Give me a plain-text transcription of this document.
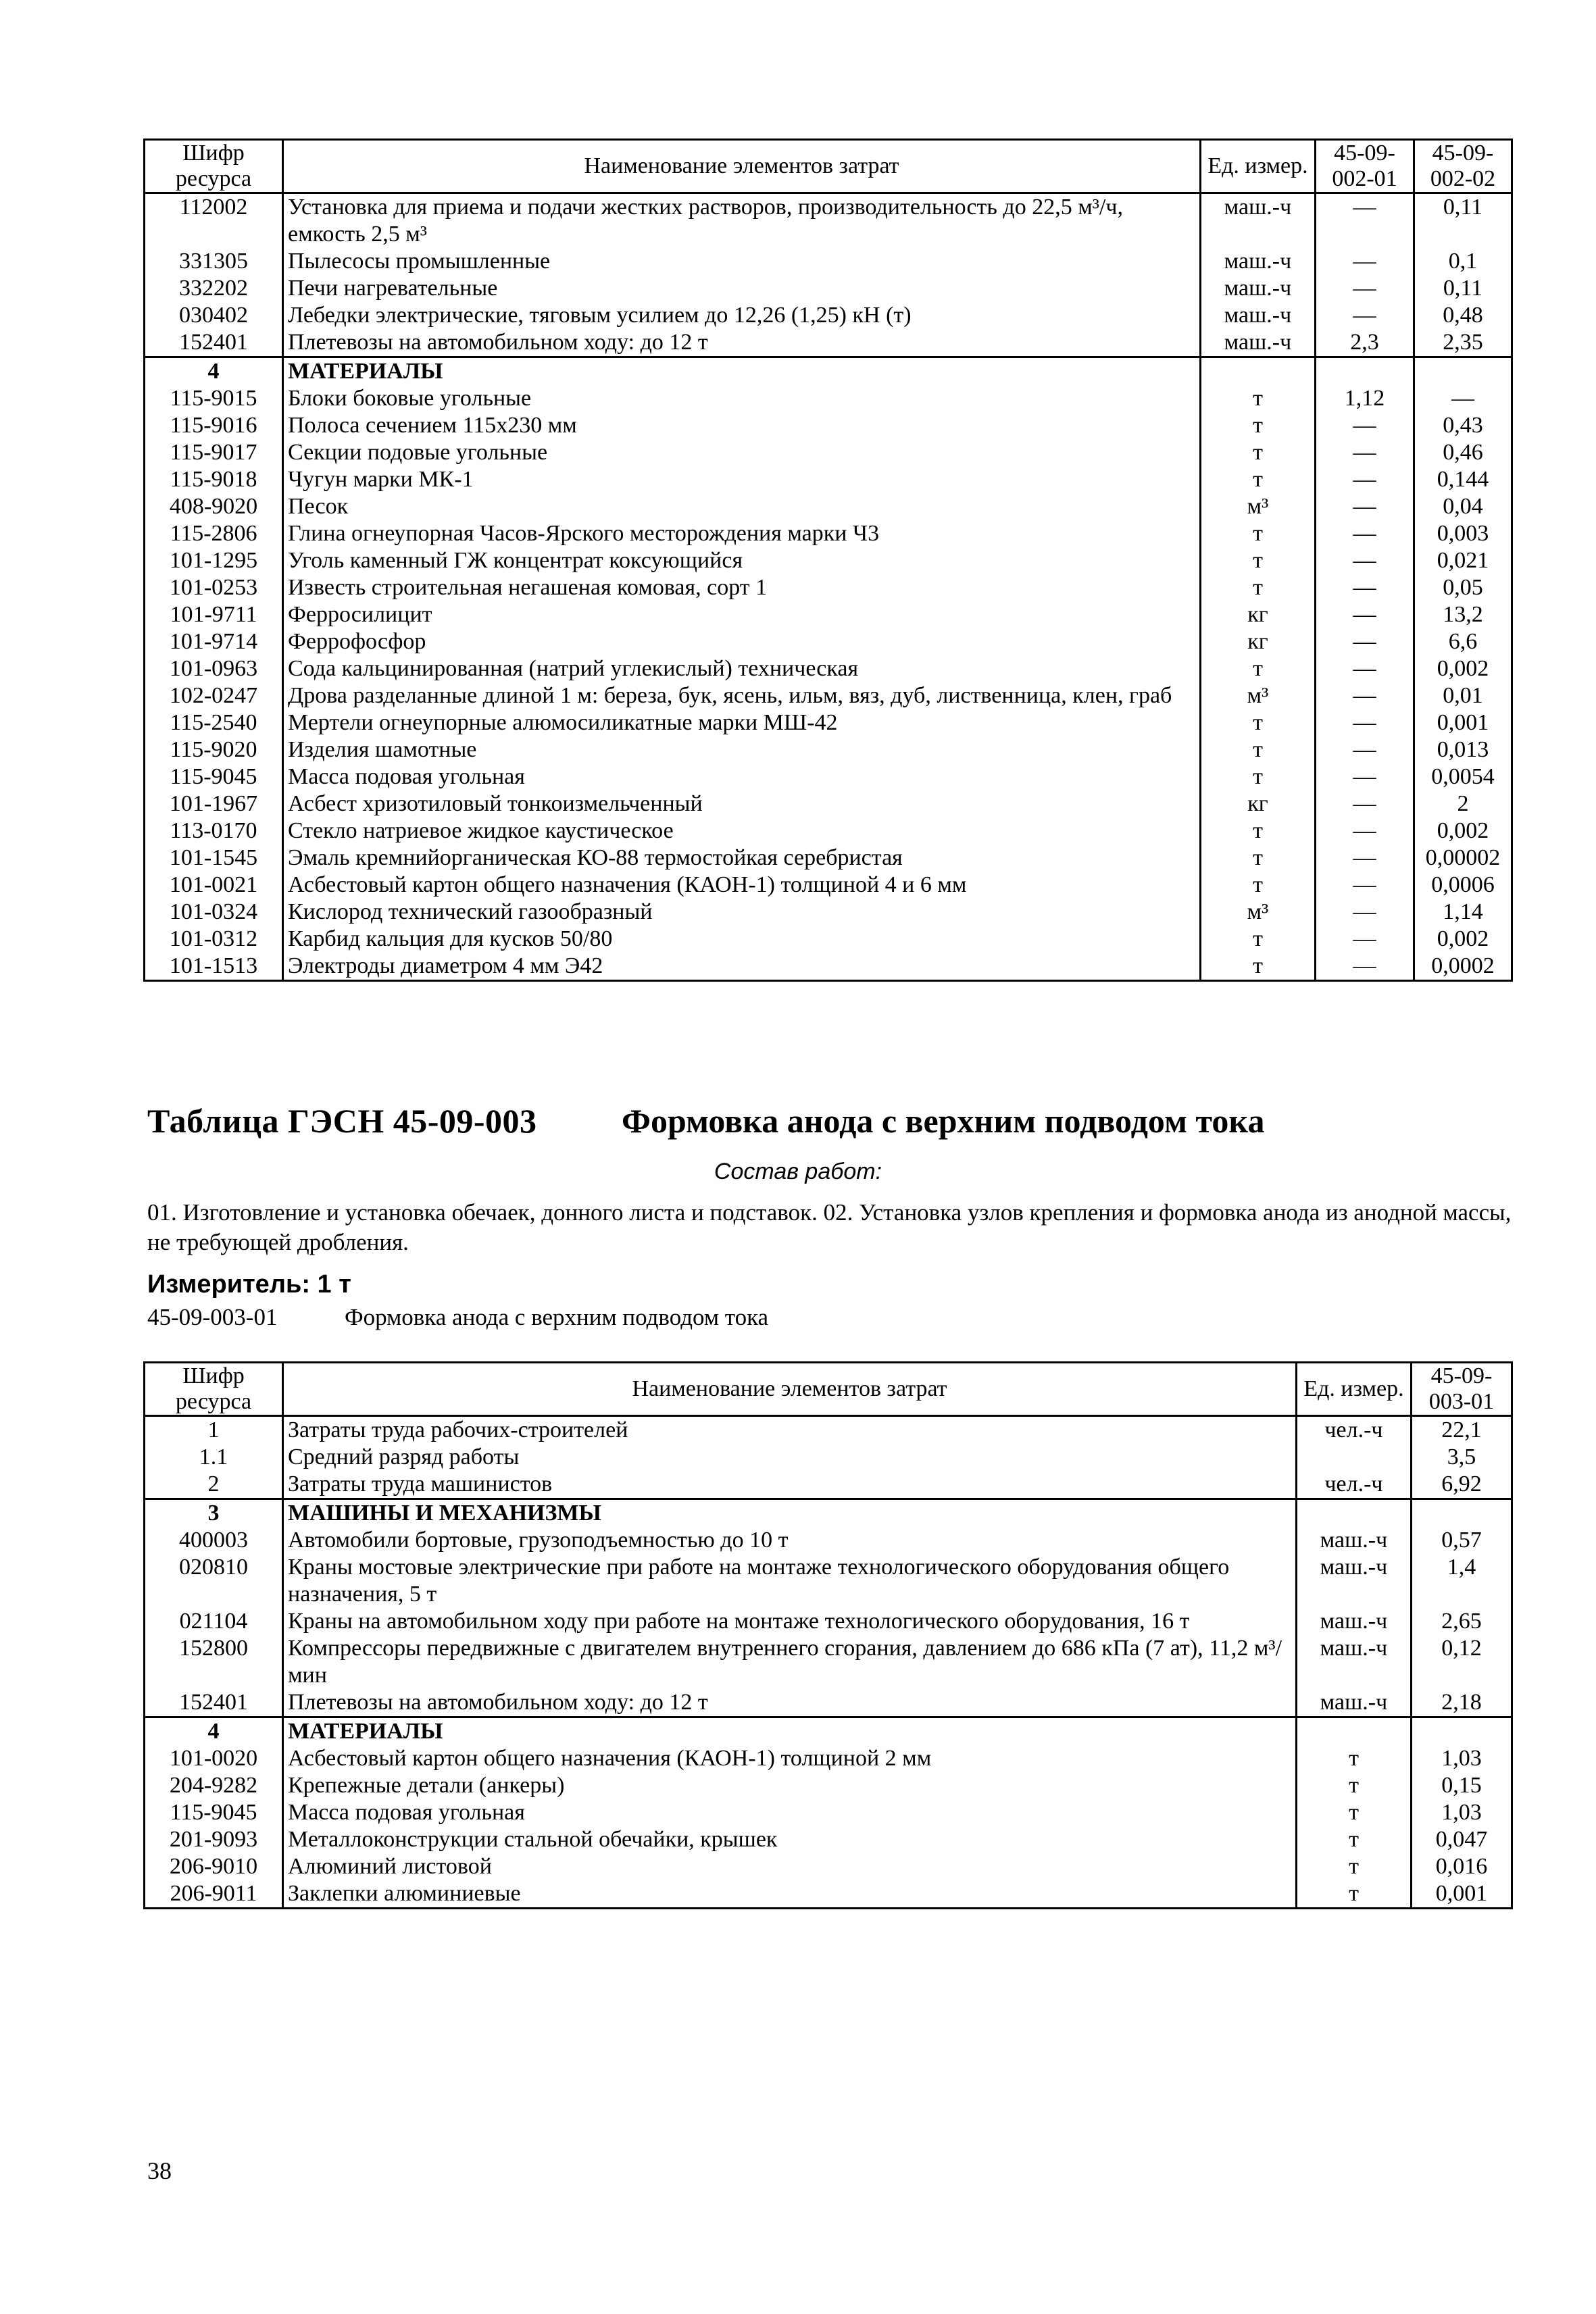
Шифр ресурса	Наименование элементов затрат	Ед. измер.	45-09-002-01	45-09-002-02
112002	Установка для приема и подачи жестких растворов, производительность до 22,5 м³/ч, емкость 2,5 м³	маш.-ч	—	0,11
331305	Пылесосы промышленные	маш.-ч	—	0,1
332202	Печи нагревательные	маш.-ч	—	0,11
030402	Лебедки электрические, тяговым усилием до 12,26 (1,25) кН (т)	маш.-ч	—	0,48
152401	Плетевозы на автомобильном ходу: до 12 т	маш.-ч	2,3	2,35
4	МАТЕРИАЛЫ			
115-9015	Блоки боковые угольные	т	1,12	—
115-9016	Полоса сечением 115х230 мм	т	—	0,43
115-9017	Секции подовые угольные	т	—	0,46
115-9018	Чугун марки МК-1	т	—	0,144
408-9020	Песок	м³	—	0,04
115-2806	Глина огнеупорная Часов-Ярского месторождения марки Ч3	т	—	0,003
101-1295	Уголь каменный ГЖ концентрат коксующийся	т	—	0,021
101-0253	Известь строительная негашеная комовая, сорт 1	т	—	0,05
101-9711	Ферросилицит	кг	—	13,2
101-9714	Феррофосфор	кг	—	6,6
101-0963	Сода кальцинированная (натрий углекислый) техническая	т	—	0,002
102-0247	Дрова разделанные длиной 1 м: береза, бук, ясень, ильм, вяз, дуб, лиственница, клен, граб	м³	—	0,01
115-2540	Мертели огнеупорные алюмосиликатные марки МШ-42	т	—	0,001
115-9020	Изделия шамотные	т	—	0,013
115-9045	Масса подовая угольная	т	—	0,0054
101-1967	Асбест хризотиловый тонкоизмельченный	кг	—	2
113-0170	Стекло натриевое жидкое каустическое	т	—	0,002
101-1545	Эмаль кремнийорганическая КО-88 термостойкая серебристая	т	—	0,00002
101-0021	Асбестовый картон общего назначения (КАОН-1) толщиной 4 и 6 мм	т	—	0,0006
101-0324	Кислород технический газообразный	м³	—	1,14
101-0312	Карбид кальция для кусков 50/80	т	—	0,002
101-1513	Электроды диаметром 4 мм Э42	т	—	0,0002
Таблица ГЭСН 45-09-003	Формовка анода с верхним подводом тока
Состав работ:
01. Изготовление и установка обечаек, донного листа и подставок. 02. Установка узлов крепления и формовка анода из анодной массы, не требующей дробления.
Измеритель: 1 т
45-09-003-01	Формовка анода с верхним подводом тока
Шифр ресурса	Наименование элементов затрат	Ед. измер.	45-09-003-01
1	Затраты труда рабочих-строителей	чел.-ч	22,1
1.1	Средний разряд работы		3,5
2	Затраты труда машинистов	чел.-ч	6,92
3	МАШИНЫ И МЕХАНИЗМЫ		
400003	Автомобили бортовые, грузоподъемностью до 10 т	маш.-ч	0,57
020810	Краны мостовые электрические при работе на монтаже технологического оборудования общего назначения, 5 т	маш.-ч	1,4
021104	Краны на автомобильном ходу при работе на монтаже технологического оборудования, 16 т	маш.-ч	2,65
152800	Компрессоры передвижные с двигателем внутреннего сгорания, давлением до 686 кПа (7 ат), 11,2 м³/мин	маш.-ч	0,12
152401	Плетевозы на автомобильном ходу: до 12 т	маш.-ч	2,18
4	МАТЕРИАЛЫ		
101-0020	Асбестовый картон общего назначения (КАОН-1) толщиной 2 мм	т	1,03
204-9282	Крепежные детали (анкеры)	т	0,15
115-9045	Масса подовая угольная	т	1,03
201-9093	Металлоконструкции стальной обечайки, крышек	т	0,047
206-9010	Алюминий листовой	т	0,016
206-9011	Заклепки алюминиевые	т	0,001
38
